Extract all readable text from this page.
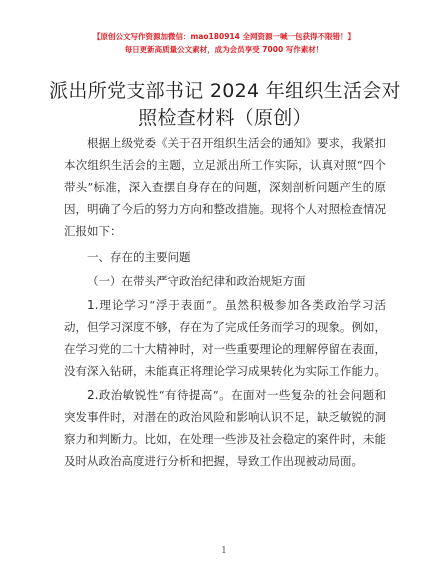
【原创公文写作资源加微信：mao180914 全网资源一喊一包获得不限错！】
每日更新高质量公文素材，成为会员享受 7000 写作素材！
派出所党支部书记 2024 年组织生活会对照检查材料（原创）

根据上级党委《关于召开组织生活会的通知》要求，我紧扣本次组织生活会的主题，立足派出所工作实际，认真对照“四个带头”标准，深入查摆自身存在的问题，深刻剖析问题产生的原因，明确了今后的努力方向和整改措施。现将个人对照检查情况汇报如下：

一、存在的主要问题

（一）在带头严守政治纪律和政治规矩方面

1.理论学习“浮于表面”。虽然积极参加各类政治学习活动，但学习深度不够，存在为了完成任务而学习的现象。例如，在学习党的二十大精神时，对一些重要理论的理解停留在表面，没有深入钻研，未能真正将理论学习成果转化为实际工作能力。

2.政治敏锐性“有待提高”。在面对一些复杂的社会问题和突发事件时，对潜在的政治风险和影响认识不足，缺乏敏锐的洞察力和判断力。比如，在处理一些涉及社会稳定的案件时，未能及时从政治高度进行分析和把握，导致工作出现被动局面。

1
